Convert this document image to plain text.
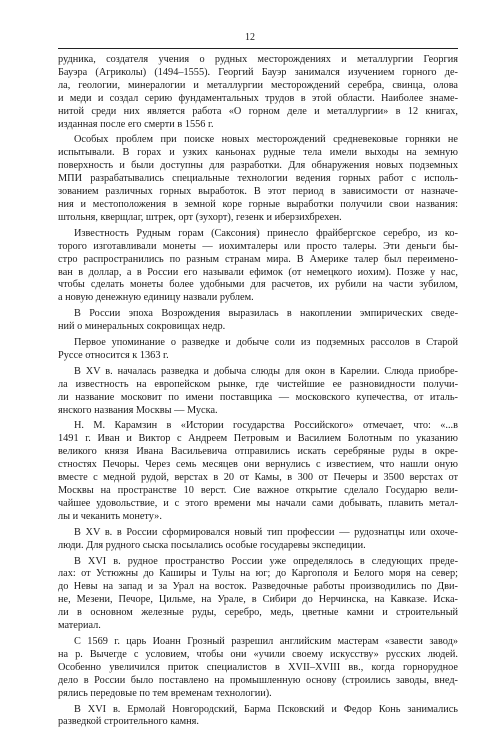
12
рудника, создателя учения о рудных месторождениях и металлургии Георгия
Бауэра (Агриколы) (1494–1555). Георгий Бауэр занимался изучением горного де-
ла, геологии, минералогии и металлургии месторождений серебра, свинца, олова
и меди и создал серию фундаментальных трудов в этой области. Наиболее знаме-
нитой среди них является работа «О горном деле и металлургии» в 12 книгах,
изданная после его смерти в 1556 г.
Особых проблем при поиске новых месторождений средневековые горняки не
испытывали. В горах и узких каньонах рудные тела имели выходы на земную
поверхность и были доступны для разработки. Для обнаружения новых подземных
МПИ разрабатывались специальные технологии ведения горных работ с исполь-
зованием различных горных выработок. В этот период в зависимости от назначе-
ния и местоположения в земной коре горные выработки получили свои названия:
штольня, кверщлаг, штрек, орт (зухорт), гезенк и иберзихбрехен.
Известность Рудным горам (Саксония) принесло фрайбергское серебро, из ко-
торого изготавливали монеты — иохимталеры или просто талеры. Эти деньги бы-
стро распространились по разным странам мира. В Америке талер был переимено-
ван в доллар, а в России его называли ефимок (от немецкого иохим). Позже у нас,
чтобы сделать монеты более удобными для расчетов, их рубили на части зубилом,
а новую денежную единицу назвали рублем.
В России эпоха Возрождения выразилась в накоплении эмпирических сведе-
ний о минеральных сокровищах недр.
Первое упоминание о разведке и добыче соли из подземных рассолов в Старой
Руссе относится к 1363 г.
В XV в. началась разведка и добыча слюды для окон в Карелии. Слюда приобре-
ла известность на европейском рынке, где чистейшие ее разновидности получи-
ли название московит по имени поставщика — московского купечества, от италь-
янского названия Москвы — Муска.
Н. М. Карамзин в «Истории государства Российского» отмечает, что: «...в
1491 г. Иван и Виктор с Андреем Петровым и Василием Болотным по указанию
великого князя Ивана Васильевича отправились искать серебряные руды в окре-
стностях Печоры. Через семь месяцев они вернулись с известием, что нашли оную
вместе с медной рудой, верстах в 20 от Камы, в 300 от Печеры и 3500 верстах от
Москвы на пространстве 10 верст. Сие важное открытие сделало Государю вели-
чайшее удовольствие, и с этого времени мы начали сами добывать, плавить метал-
лы и чеканить монету».
В XV в. в России сформировался новый тип профессии — рудознатцы или охоче-
люди. Для рудного сыска посылались особые государевы экспедиции.
В XVI в. рудное пространство России уже определялось в следующих преде-
лах: от Устюжны до Каширы и Тулы на юг; до Каргополя и Белого моря на север;
до Невы на запад и за Урал на восток. Разведочные работы производились по Дви-
не, Мезени, Печоре, Цильме, на Урале, в Сибири до Нерчинска, на Кавказе. Иска-
ли в основном железные руды, серебро, медь, цветные камни и строительный
материал.
С 1569 г. царь Иоанн Грозный разрешил английским мастерам «завести завод»
на р. Вычегде с условием, чтобы они «учили своему искусству» русских людей.
Особенно увеличился приток специалистов в XVII–XVIII вв., когда горнорудное
дело в России было поставлено на промышленную основу (строились заводы, внед-
рялись передовые по тем временам технологии).
В XVI в. Ермолай Новгородский, Барма Псковский и Федор Конь занимались
разведкой строительного камня.
